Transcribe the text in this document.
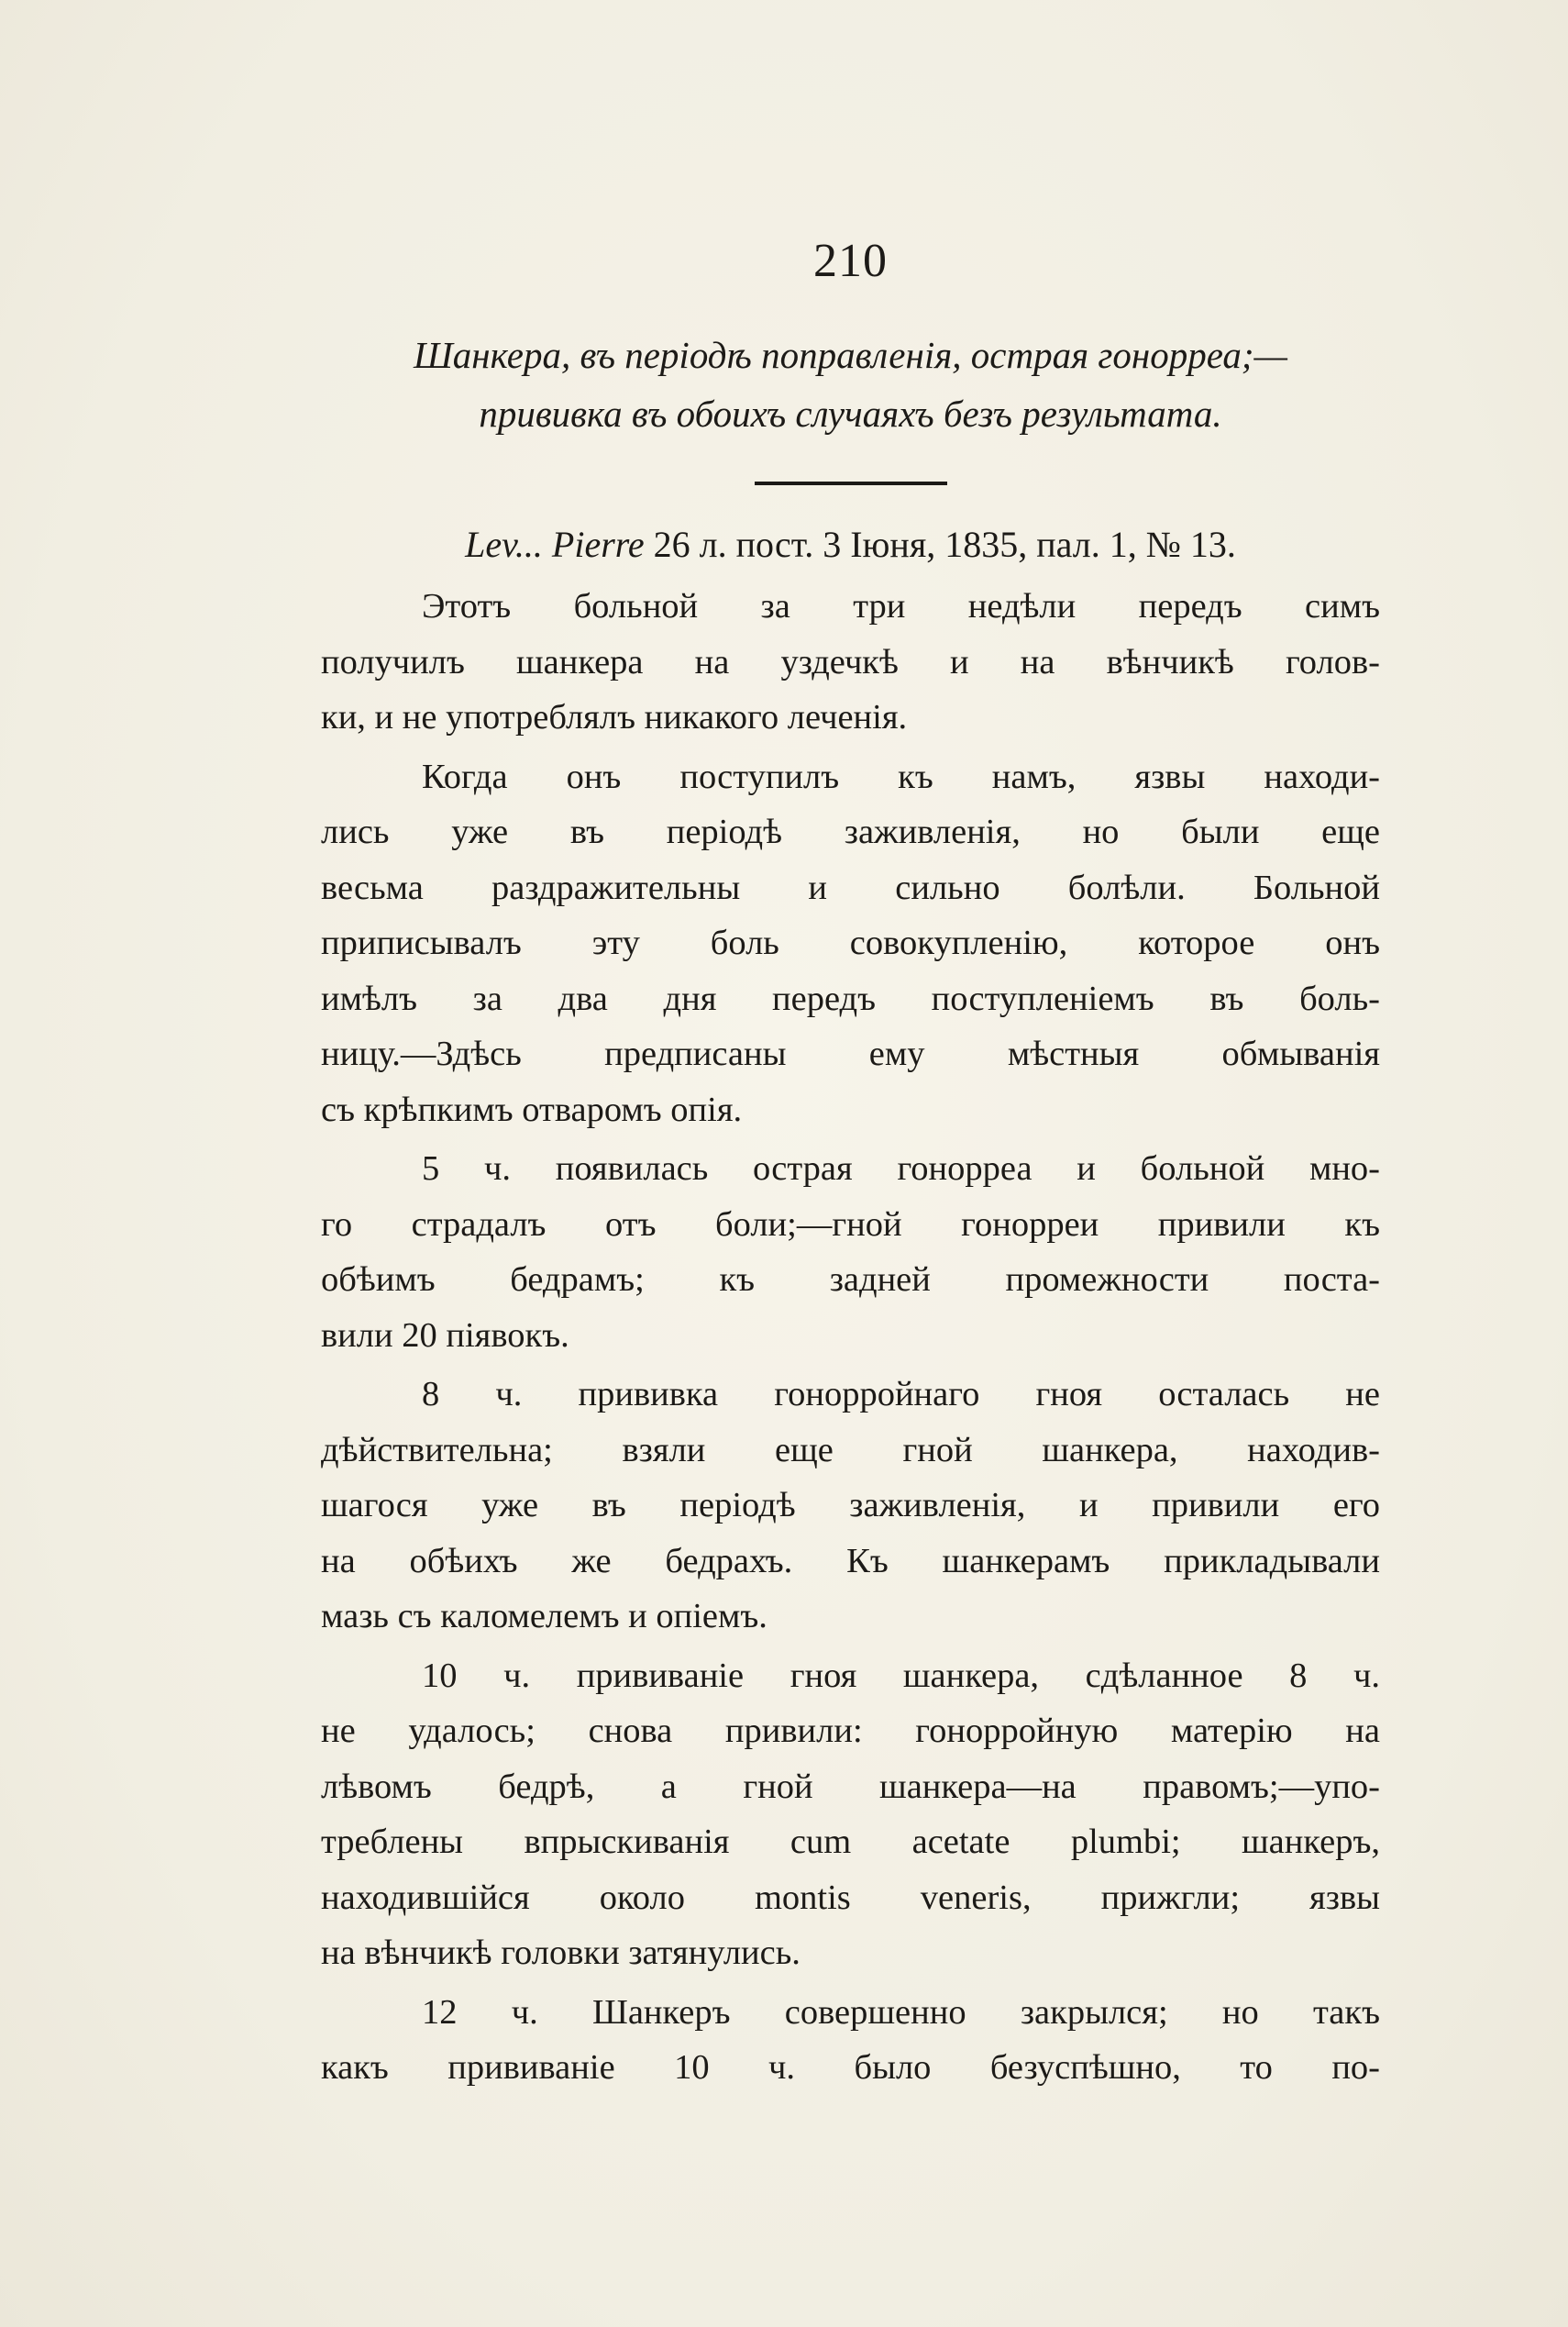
210
Шанкера, въ періодѣ поправленія, острая гонорреа;—
прививка въ обоихъ случаяхъ безъ результата.
Lev... Pierre 26 л. пост. 3 Іюня, 1835, пал. 1, № 13.
Этотъ больной за три недѣли передъ симъ
получилъ шанкера на уздечкѣ и на вѣнчикѣ голов-
ки, и не употреблялъ никакого леченія.
Когда онъ поступилъ къ намъ, язвы находи-
лись уже въ періодѣ заживленія, но были еще
весьма раздражительны и сильно болѣли. Больной
приписывалъ эту боль совокупленію, которое онъ
имѣлъ за два дня передъ поступленіемъ въ боль-
ницу.—Здѣсь предписаны ему мѣстныя обмыванія
съ крѣпкимъ отваромъ опія.
5 ч. появилась острая гонорреа и больной мно-
го страдалъ отъ боли;—гной гонорреи привили къ
обѣимъ бедрамъ; къ задней промежности поста-
вили 20 піявокъ.
8 ч. прививка гонорройнаго гноя осталась не
дѣйствительна; взяли еще гной шанкера, находив-
шагося уже въ періодѣ заживленія, и привили его
на обѣихъ же бедрахъ. Къ шанкерамъ прикладывали
мазь съ каломелемъ и опіемъ.
10 ч. прививаніе гноя шанкера, сдѣланное 8 ч.
не удалось; снова привили: гонорройную матерію на
лѣвомъ бедрѣ, а гной шанкера—на правомъ;—упо-
треблены впрыскиванія cum acetate plumbi; шанкеръ,
находившійся около montis veneris, прижгли; язвы
на вѣнчикѣ головки затянулись.
12 ч. Шанкеръ совершенно закрылся; но такъ
какъ прививаніе 10 ч. было безуспѣшно, то по-
